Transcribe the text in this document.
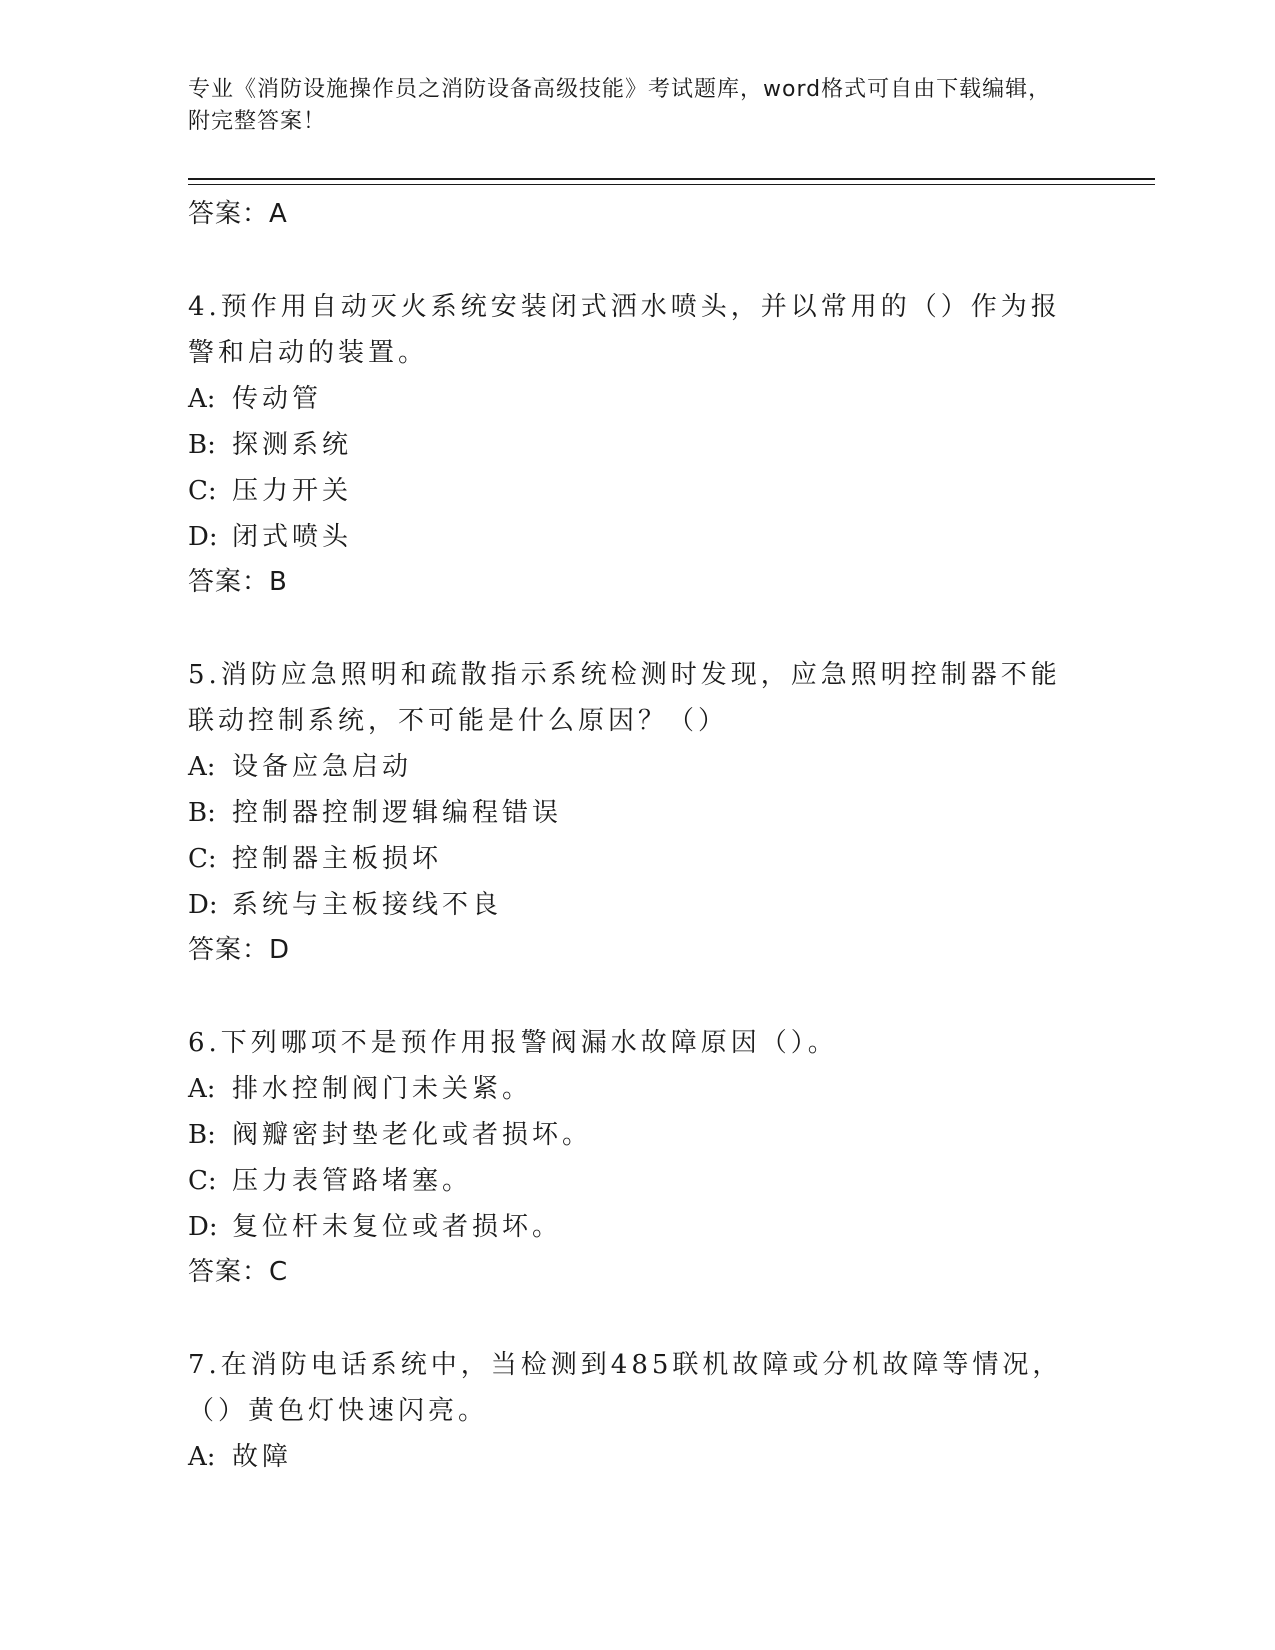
专业《消防设施操作员之消防设备高级技能》考试题库，word格式可自由下载编辑，附完整答案！

答案：A

4.预作用自动灭火系统安装闭式洒水喷头，并以常用的（）作为报警和启动的装置。

A: 传动管

B: 探测系统

C: 压力开关

D: 闭式喷头

答案：B

5.消防应急照明和疏散指示系统检测时发现，应急照明控制器不能联动控制系统，不可能是什么原因？（）

A: 设备应急启动

B: 控制器控制逻辑编程错误

C: 控制器主板损坏

D: 系统与主板接线不良

答案：D

6.下列哪项不是预作用报警阀漏水故障原因（）。

A: 排水控制阀门未关紧。

B: 阀瓣密封垫老化或者损坏。

C: 压力表管路堵塞。

D: 复位杆未复位或者损坏。

答案：C

7.在消防电话系统中，当检测到485联机故障或分机故障等情况，（）黄色灯快速闪亮。

A: 故障
